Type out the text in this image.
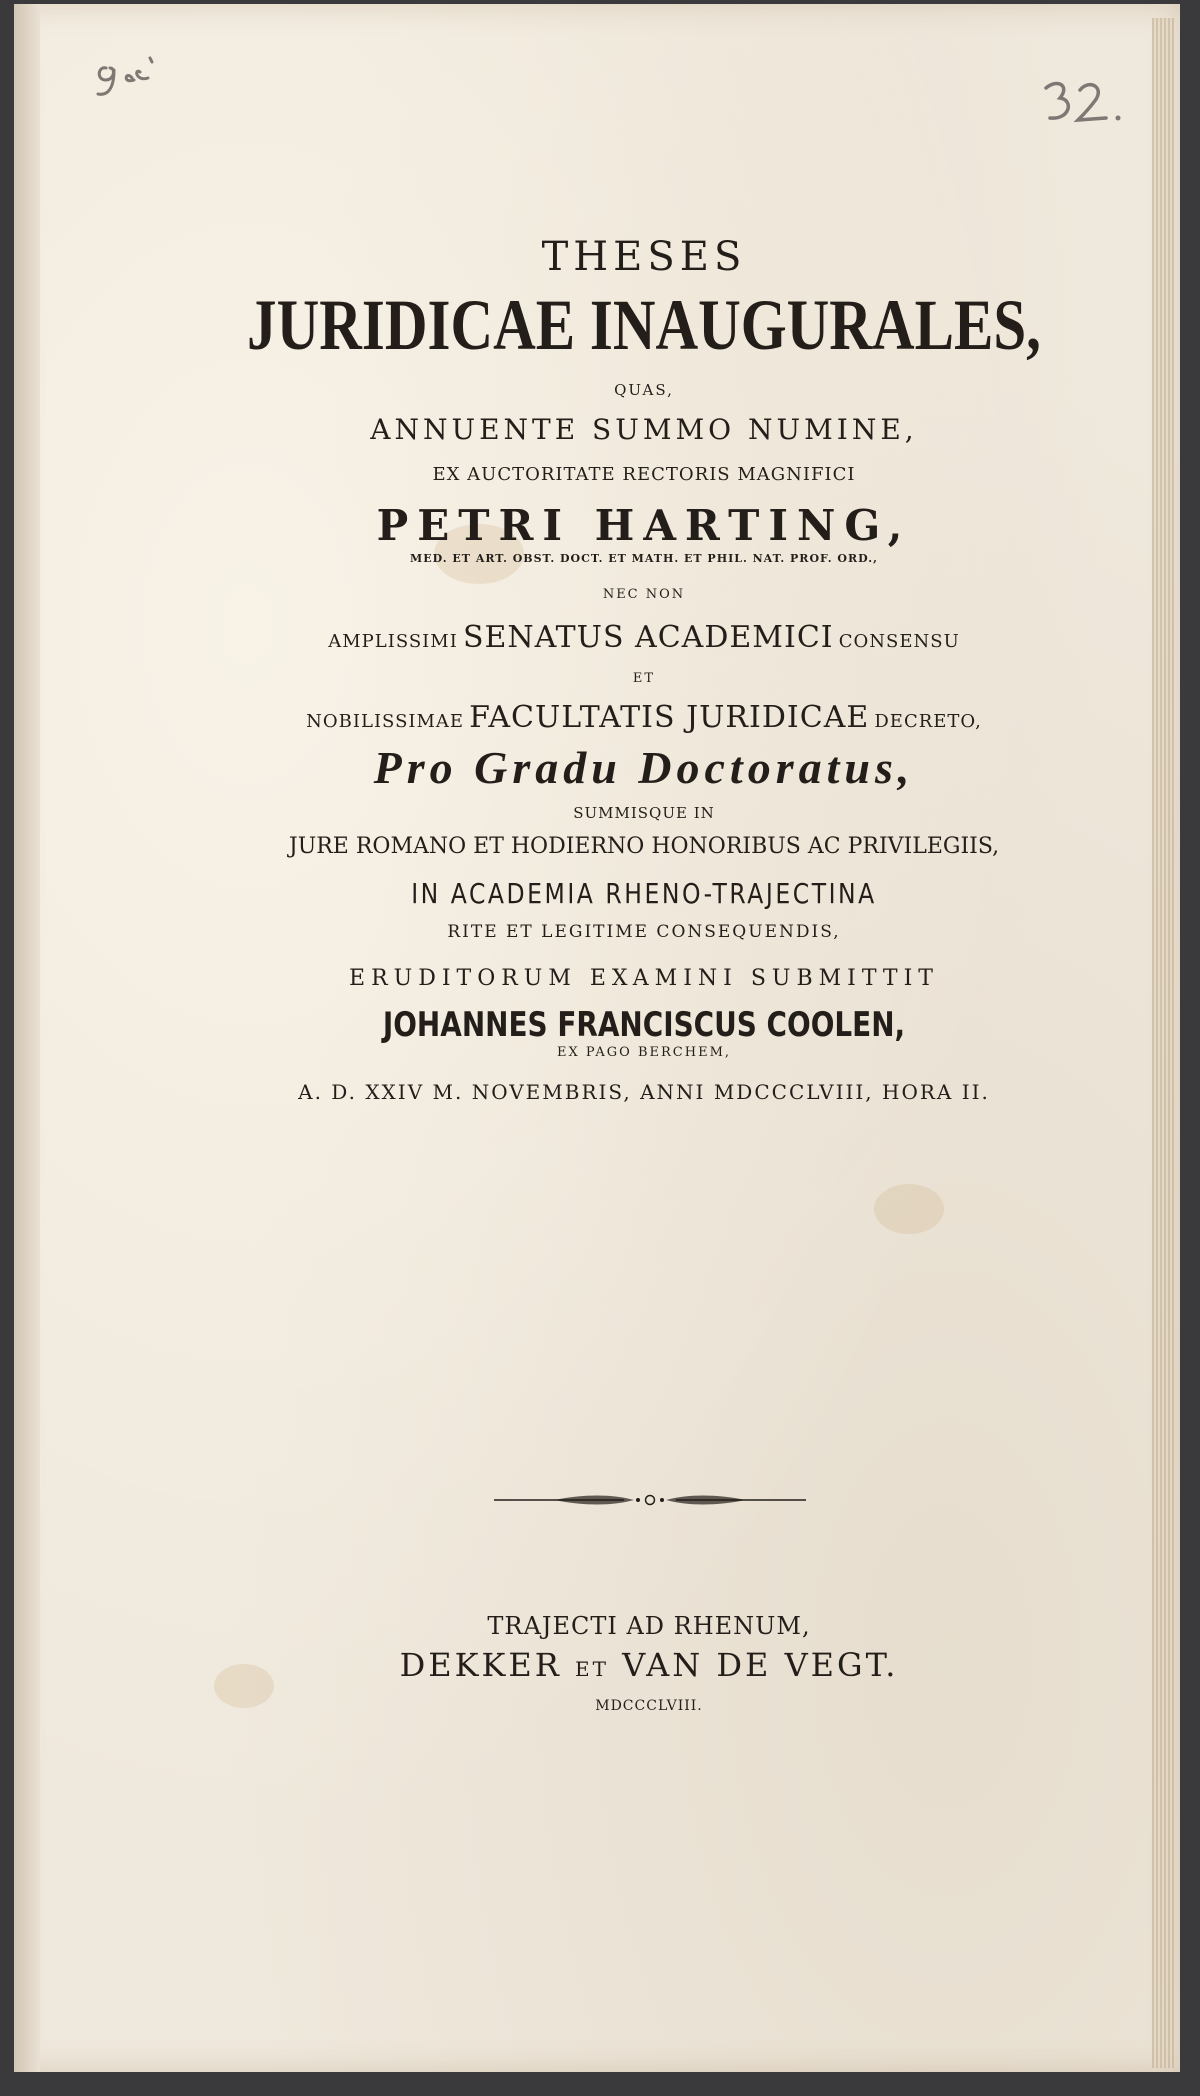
THESES
JURIDICAE INAUGURALES,
QUAS,
ANNUENTE SUMMO NUMINE,
EX AUCTORITATE RECTORIS MAGNIFICI
PETRI HARTING,
MED. ET ART. OBST. DOCT. ET MATH. ET PHIL. NAT. PROF. ORD.,
NEC NON
AMPLISSIMI SENATUS ACADEMICI CONSENSU
ET
NOBILISSIMAE FACULTATIS JURIDICAE DECRETO,
Pro Gradu Doctoratus,
SUMMISQUE IN
JURE ROMANO ET HODIERNO HONORIBUS AC PRIVILEGIIS,
IN ACADEMIA RHENO-TRAJECTINA
RITE ET LEGITIME CONSEQUENDIS,
ERUDITORUM EXAMINI SUBMITTIT
JOHANNES FRANCISCUS COOLEN,
EX PAGO BERCHEM,
A. D. XXIV M. NOVEMBRIS, ANNI MDCCCLVIII, HORA II.
TRAJECTI AD RHENUM,
DEKKER ET VAN DE VEGT.
MDCCCLVIII.
